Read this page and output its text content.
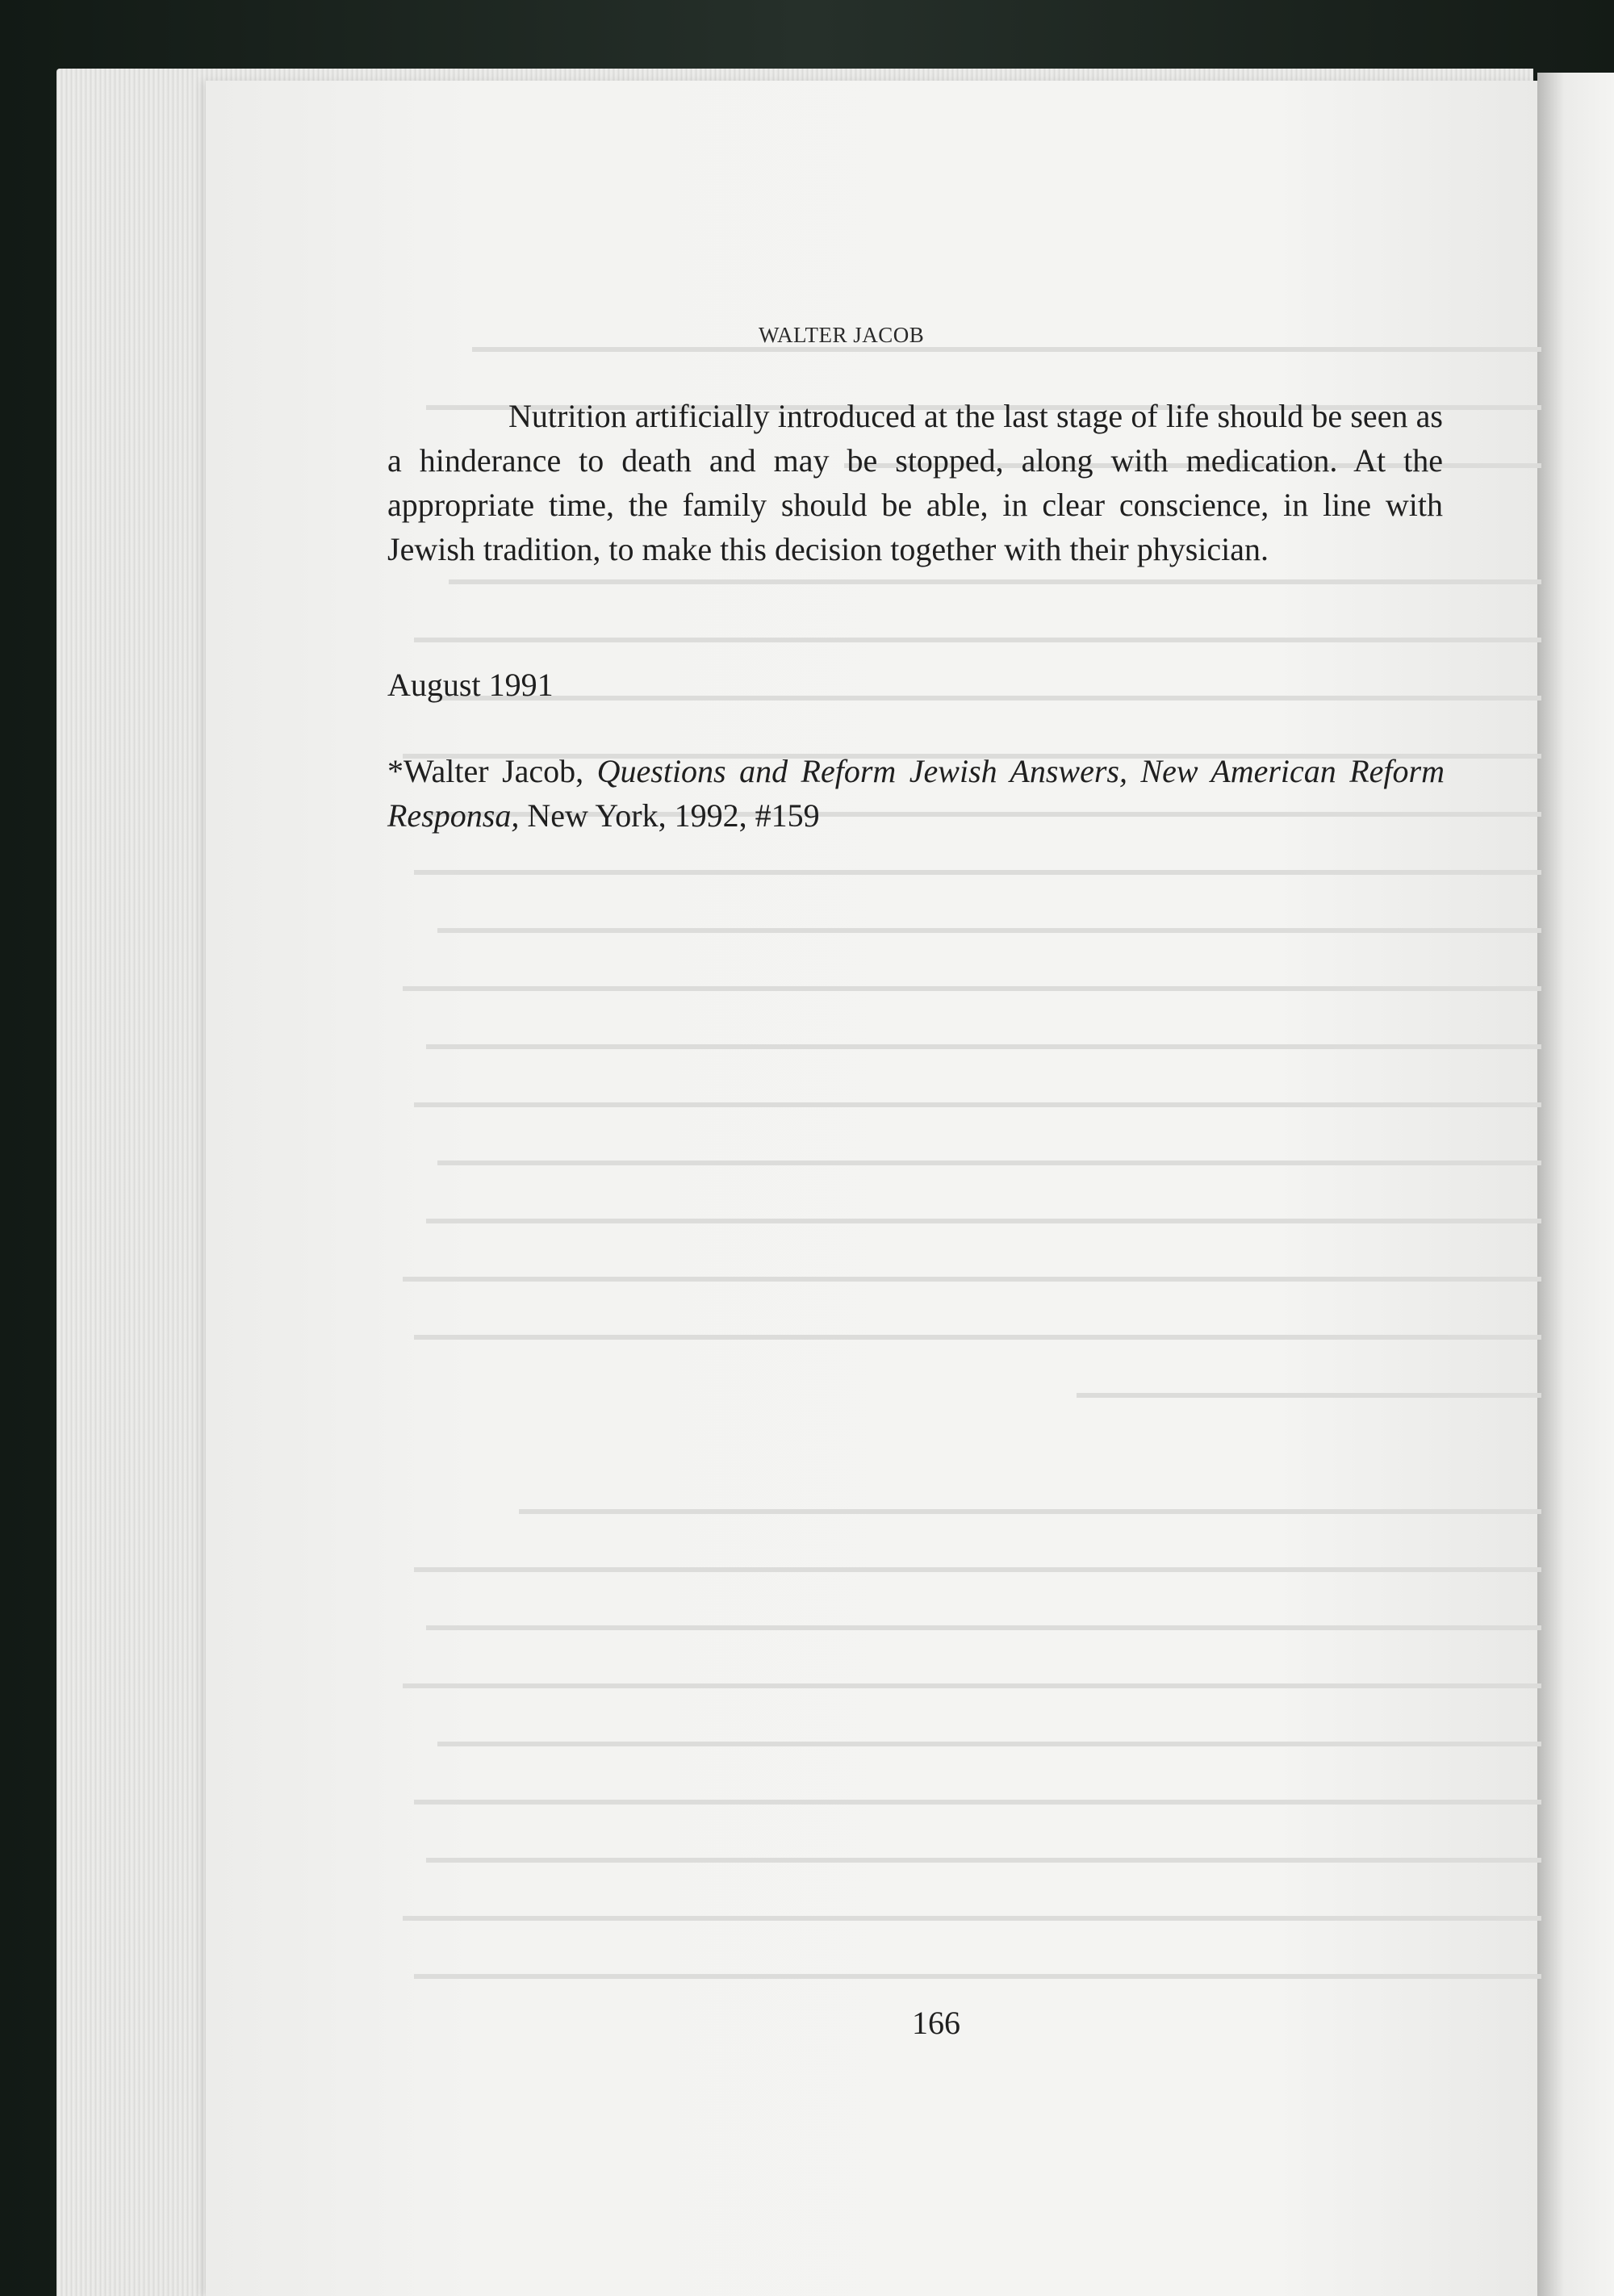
WALTER JACOB

Nutrition artificially introduced at the last stage of life should be seen as a hinderance to death and may be stopped, along with medication. At the appropriate time, the family should be able, in clear conscience, in line with Jewish tradition, to make this decision together with their physician.

August 1991

*Walter Jacob, Questions and Reform Jewish Answers, New American Reform Responsa, New York, 1992, #159

166
